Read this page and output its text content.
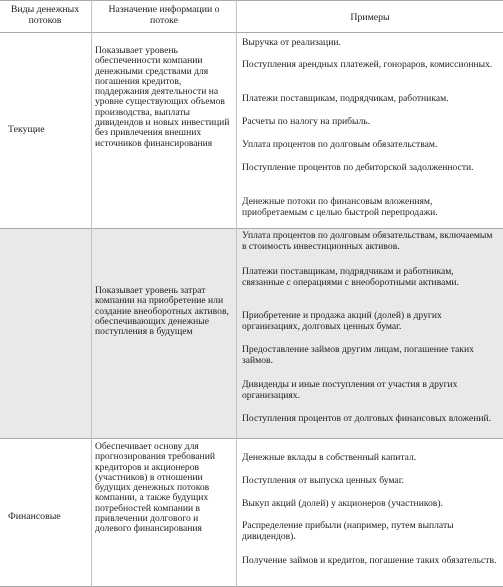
Виды денежных потоков
Назначение информации о потоке	Примеры
Текущие
Показывает уровень обеспеченности компании денежными средствами для погашения кредитов, поддержания деятельности на уровне существующих объемов производства, выплаты дивидендов и новых инвестиций без привлечения внешних источников финансирования

Выручка от реализации.

Поступления арендных платежей, гонораров, комиссионных.

Платежи поставщикам, подрядчикам, работникам.

Расчеты по налогу на прибыль.

Уплата процентов по долговым обязательствам.

Поступление процентов по дебиторской задолженности.

Денежные потоки по финансовым вложениям, приобретаемым с целью быстрой перепродажи.

Показывает уровень затрат компании на приобретение или создание внеоборотных активов, обеспечивающих денежные поступления в будущем

Уплата процентов по долговым обязательствам, включаемым в стоимость инвестиционных активов.

Платежи поставщикам, подрядчикам и работникам, связанные с операциями с внеоборотными активами.

Приобретение и продажа акций (долей) в других организациях, долговых ценных бумаг.

Предоставление займов другим лицам, погашение таких займов.

Дивиденды и иные поступления от участия в других организациях.

Поступления процентов от долговых финансовых вложений.

Финансовые
Обеспечивает основу для прогнозирования требований кредиторов и акционеров (участников) в отношении будущих денежных потоков компании, а также будущих потребностей компании в привлечении долгового и долевого финансирования

Денежные вклады в собственный капитал.

Поступления от выпуска ценных бумаг.

Выкуп акций (долей) у акционеров (участников).

Распределение прибыли (например, путем выплаты дивидендов).

Получение займов и кредитов, погашение таких обязательств.
